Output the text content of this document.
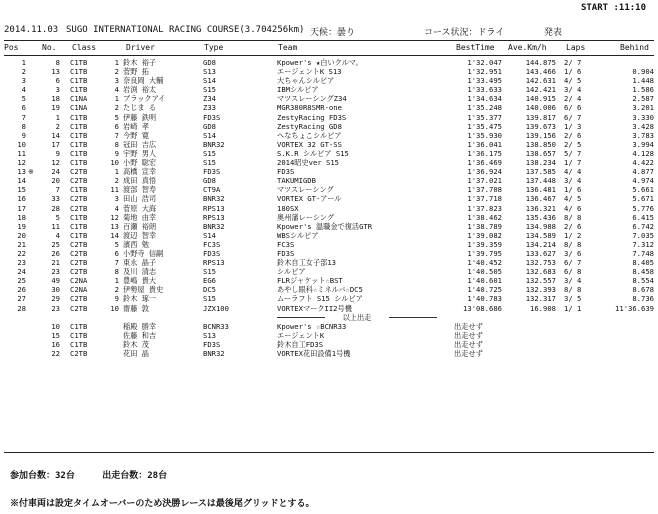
START :11:10
2014.11.03 SUGO INTERNATIONAL RACING COURSE(3.704256km) 天候：曇り	コース状況：ドライ	発表
Pos	No. Class	Driver	Type	Team	BestTime Ave.Km/h Laps	Behind
1	8 C1TB	1 鈴木 裕子	GD8	Kpower's ★白いクルマ。	1'32.047	144.875 2/ 7
2	13 C1TB	2 菅野 拓	S13	エージェントK S13	1'32.951	143.466 1/ 6	0.904
3	6 C1TB	3 奈良岡 大輔	S14	大ちゃんシルビア	1'33.495	142.631 4/ 5	1.448
4	3 C1TB	4 岩渕 裕太	S15	IBMシルビア	1'33.633	142.421 3/ 4	1.586
5	18 C1NA	1 ブラックアイ	Z34	マツスレーシングZ34	1'34.634	140.915 2/ 4	2.587
6	19 C1NA	2 たじま る	Z33	MGR380R8SMR-one	1'35.248	140.006 6/ 6	3.201
7	1 C1TB	5 伊藤 鉄明	FD3S	ZestyRacing FD3S	1'35.377	139.817 6/ 7	3.330
8	2 C1TB	6 岩崎 孝	GD8	ZestyRacing GD8	1'35.475	139.673 1/ 3	3.428
9	14 C1TB	7 今野 寛	S14	へなちょこシルビア	1'35.930	139.156 2/ 6	3.783
10	17 C1TB	8 冠田 吉広	BNR32	VORTEX 32 GT-SS	1'36.041	138.850 2/ 5	3.994
11	9 C1TB	9 宇野 男人	S15	S.K.R シルビア S15	1'36.175	138.657 5/ 7	4.128
12	12 C1TB	10 小野 聡宏	S15	2014昭史ver S15	1'36.469	138.234 1/ 7	4.422
13 ※	24 C2TB	1 高橋 宣幸	FD3S	FD3S	1'36.924	137.585 4/ 4	4.877
14	20 C2TB	2 成田 真悟	GD8	TAKUMIGDB	1'37.021	137.448 3/ 4	4.974
15	7 C1TB	11 渡部 智寿	CT9A	マツスレーシング	1'37.708	136.481 1/ 6	5.661
16	33 C2TB	3 田山 浩司	BNR32	VORTEX GT-アール	1'37.718	136.467 4/ 5	5.671
17	28 C2TB	4 菅原 大海	RPS13	180SX	1'37.823	136.321 4/ 6	5.776
18	5 C1TB	12 菊地 由幸	RPS13	奥州藩レーシング	1'38.462	135.436 8/ 8	6.415
19	11 C1TB	13 百瀬 裕朗	BNR32	Kpower's 温職金で復活GTR	1'38.789	134.988 2/ 6	6.742
20	4 C1TB	14 渡辺 智幸	S14	WBSシルビア	1'39.082	134.589 1/ 2	7.035
21	25 C2TB	5 濱西 勉	FC3S	FC3S	1'39.359	134.214 8/ 8	7.312
22	26 C2TB	6 小野寺 信嗣	FD3S	FD3S	1'39.795	133.627 3/ 6	7.748
23	21 C2TB	7 東永 晶子	RPS13	鈴木自工女子部13	1'40.452	132.753 6/ 7	8.405
24	23 C2TB	8 及川 清志	S15	シルビア	1'40.505	132.683 6/ 8	8.458
25	49 C2NA	1 豊嶋 貴大	EG6	FLRジャケット☆BST	1'40.601	132.557 3/ 4	8.554
26	30 C2NA	2 伊勢屋 貴史	DC5	あやし眼科☆ミネルバ☆DC5	1'40.725	132.393 8/ 8	8.678
27	29 C2TB	9 鈴木 琢一	S15	ムーラフト S15 シルビア	1'40.783	132.317 3/ 5	8.736
28	23 C2TB	10 齋藤 敦	JZX100	VORTEXマークII2号機	13'08.686	16.908 1/ 1	11'36.639
以上出走
10 C1TB	稲殿 勝幸	BCNR33	Kpower's ☆BCNR33	出走せず
15 C1TB	佐藤 和吉	S13	エージェントK	出走せず
16 C1TB	鈴木 茂	FD3S	鈴木自工FD3S	出走せず
22 C2TB	花田 晶	BNR32	VORTEX花田設備1号機	出走せず
参加台数：32台	出走台数：28台
※付車両は設定タイムオーバーのため決勝レースは最後尾グリッドとする。
